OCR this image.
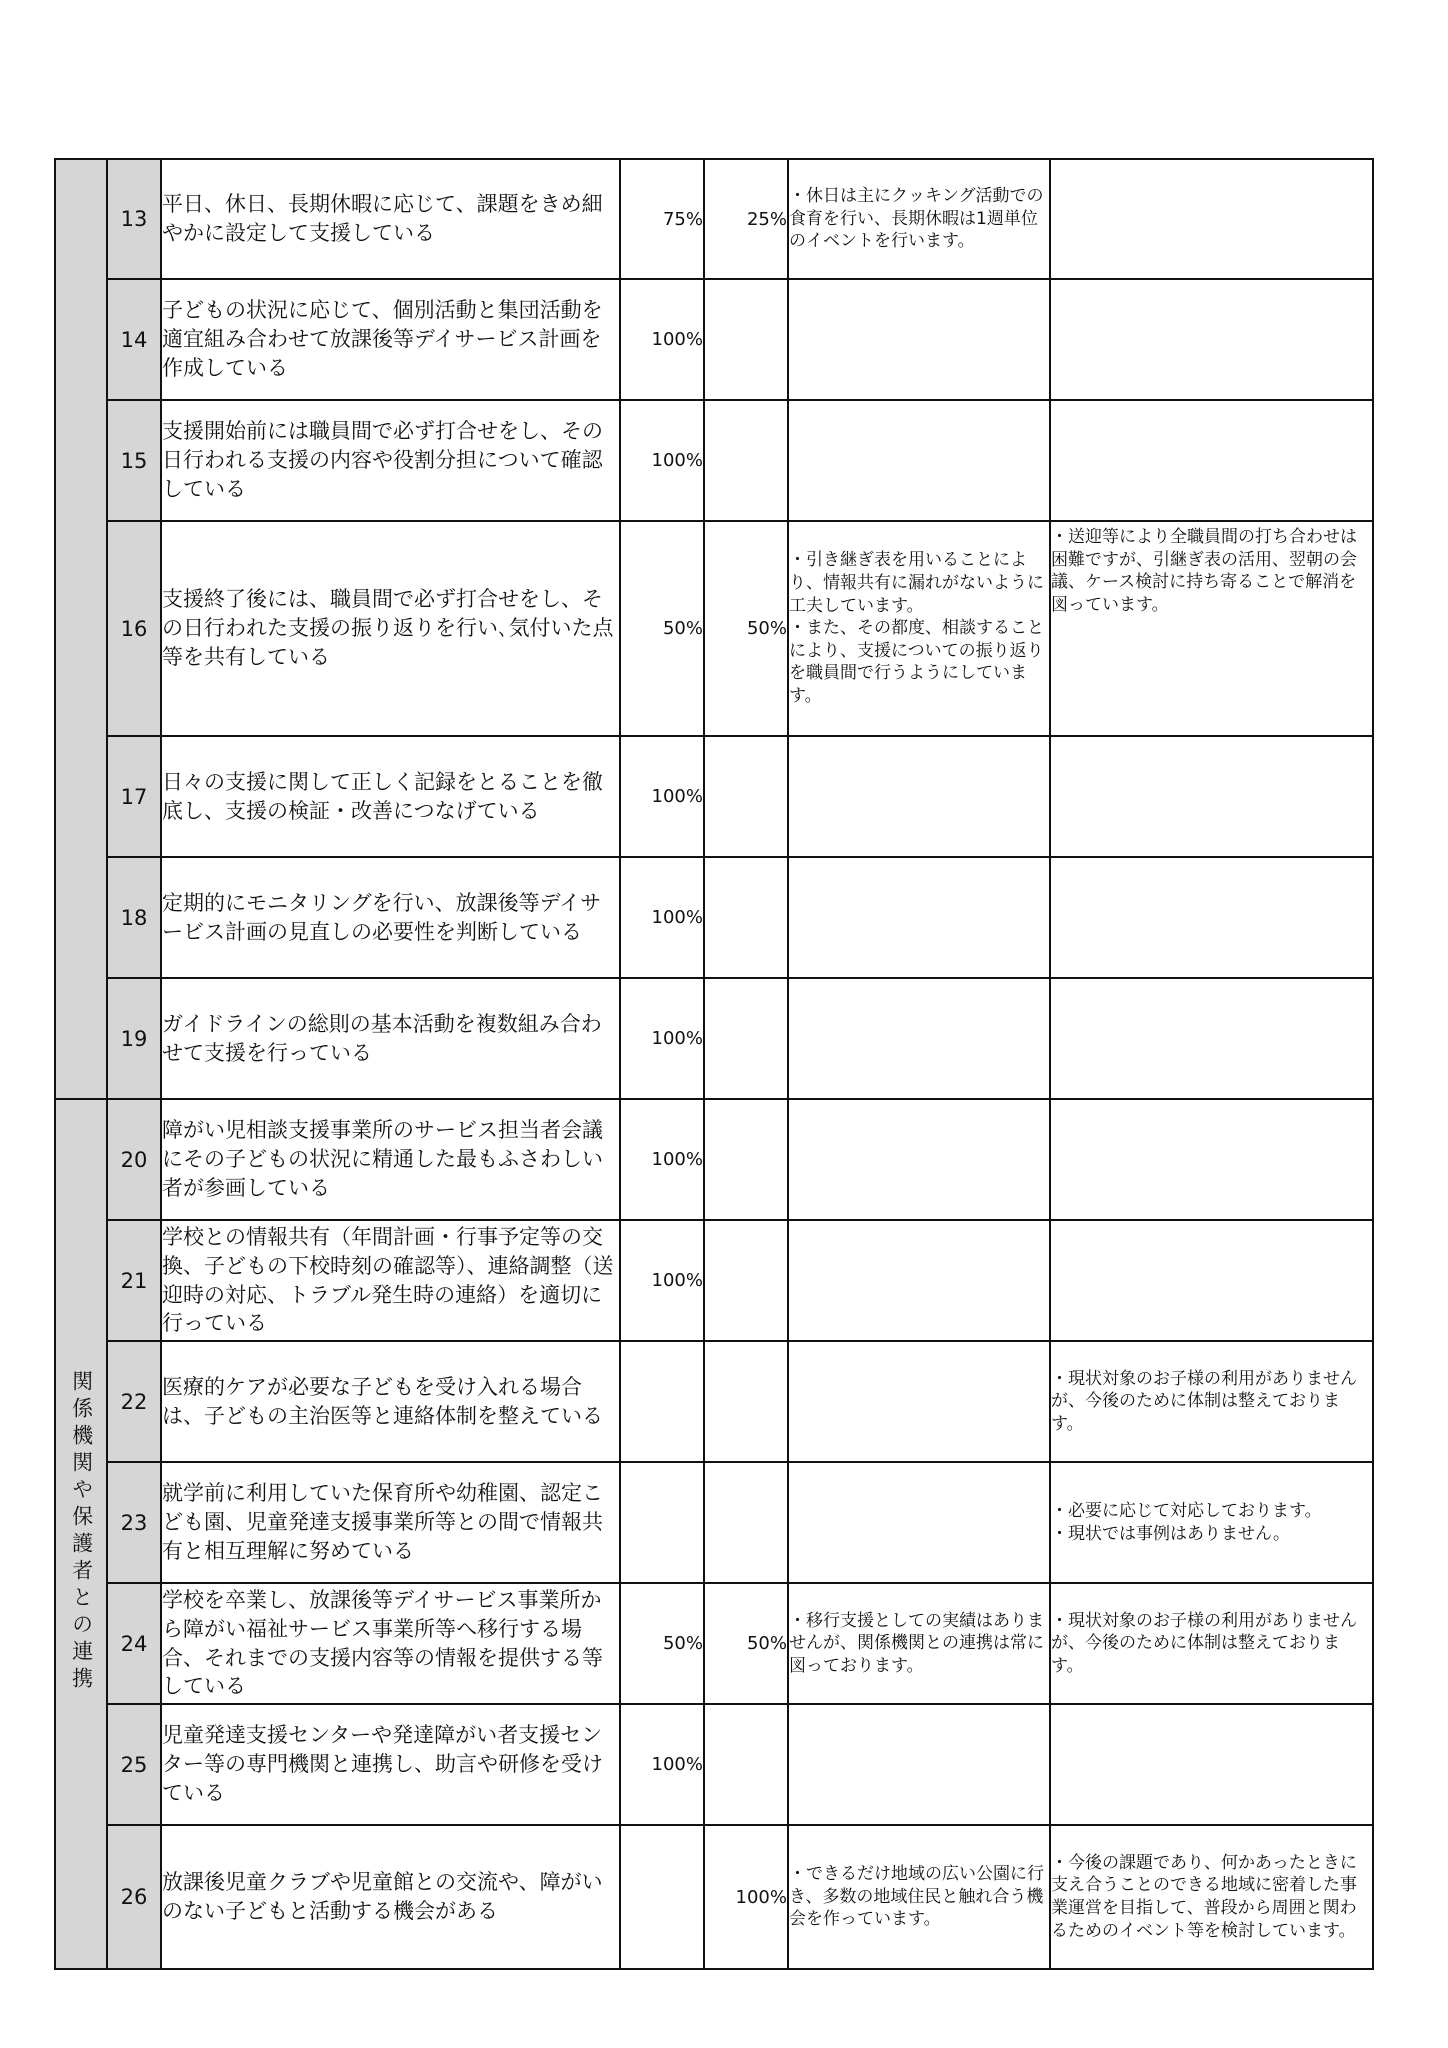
	13	平日、休日、長期休暇に応じて、課題をきめ細やかに設定して支援している	75%	25%	・休日は主にクッキング活動での食育を行い、長期休暇は1週単位のイベントを行います。	
	14	子どもの状況に応じて、個別活動と集団活動を適宜組み合わせて放課後等デイサービス計画を作成している	100%			
	15	支援開始前には職員間で必ず打合せをし、その日行われる支援の内容や役割分担について確認している	100%			
	16	支援終了後には、職員間で必ず打合せをし、その日行われた支援の振り返りを行い､気付いた点等を共有している	50%	50%	・引き継ぎ表を用いることにより、情報共有に漏れがないように工夫しています。
・また、その都度、相談することにより、支援についての振り返りを職員間で行うようにしています。	・送迎等により全職員間の打ち合わせは困難ですが、引継ぎ表の活用、翌朝の会議、ケース検討に持ち寄ることで解消を図っています。
	17	日々の支援に関して正しく記録をとることを徹底し、支援の検証・改善につなげている	100%			
	18	定期的にモニタリングを行い、放課後等デイサービス計画の見直しの必要性を判断している	100%			
	19	ガイドラインの総則の基本活動を複数組み合わせて支援を行っている	100%			
関係機関や保護者との連携	20	障がい児相談支援事業所のサービス担当者会議にその子どもの状況に精通した最もふさわしい者が参画している	100%			
	21	学校との情報共有（年間計画・行事予定等の交換、子どもの下校時刻の確認等）、連絡調整（送迎時の対応、トラブル発生時の連絡）を適切に行っている	100%			
	22	医療的ケアが必要な子どもを受け入れる場合は、子どもの主治医等と連絡体制を整えている				・現状対象のお子様の利用がありませんが、今後のために体制は整えております。
	23	就学前に利用していた保育所や幼稚園、認定こども園、児童発達支援事業所等との間で情報共有と相互理解に努めている				・必要に応じて対応しております。
・現状では事例はありません。
	24	学校を卒業し、放課後等デイサービス事業所から障がい福祉サービス事業所等へ移行する場合、それまでの支援内容等の情報を提供する等している	50%	50%	・移行支援としての実績はありませんが、関係機関との連携は常に図っております。	・現状対象のお子様の利用がありませんが、今後のために体制は整えております。
	25	児童発達支援センターや発達障がい者支援センター等の専門機関と連携し、助言や研修を受けている	100%			
	26	放課後児童クラブや児童館との交流や、障がいのない子どもと活動する機会がある		100%	・できるだけ地域の広い公園に行き、多数の地域住民と触れ合う機会を作っています。	・今後の課題であり、何かあったときに支え合うことのできる地域に密着した事業運営を目指して、普段から周囲と関わるためのイベント等を検討しています。
